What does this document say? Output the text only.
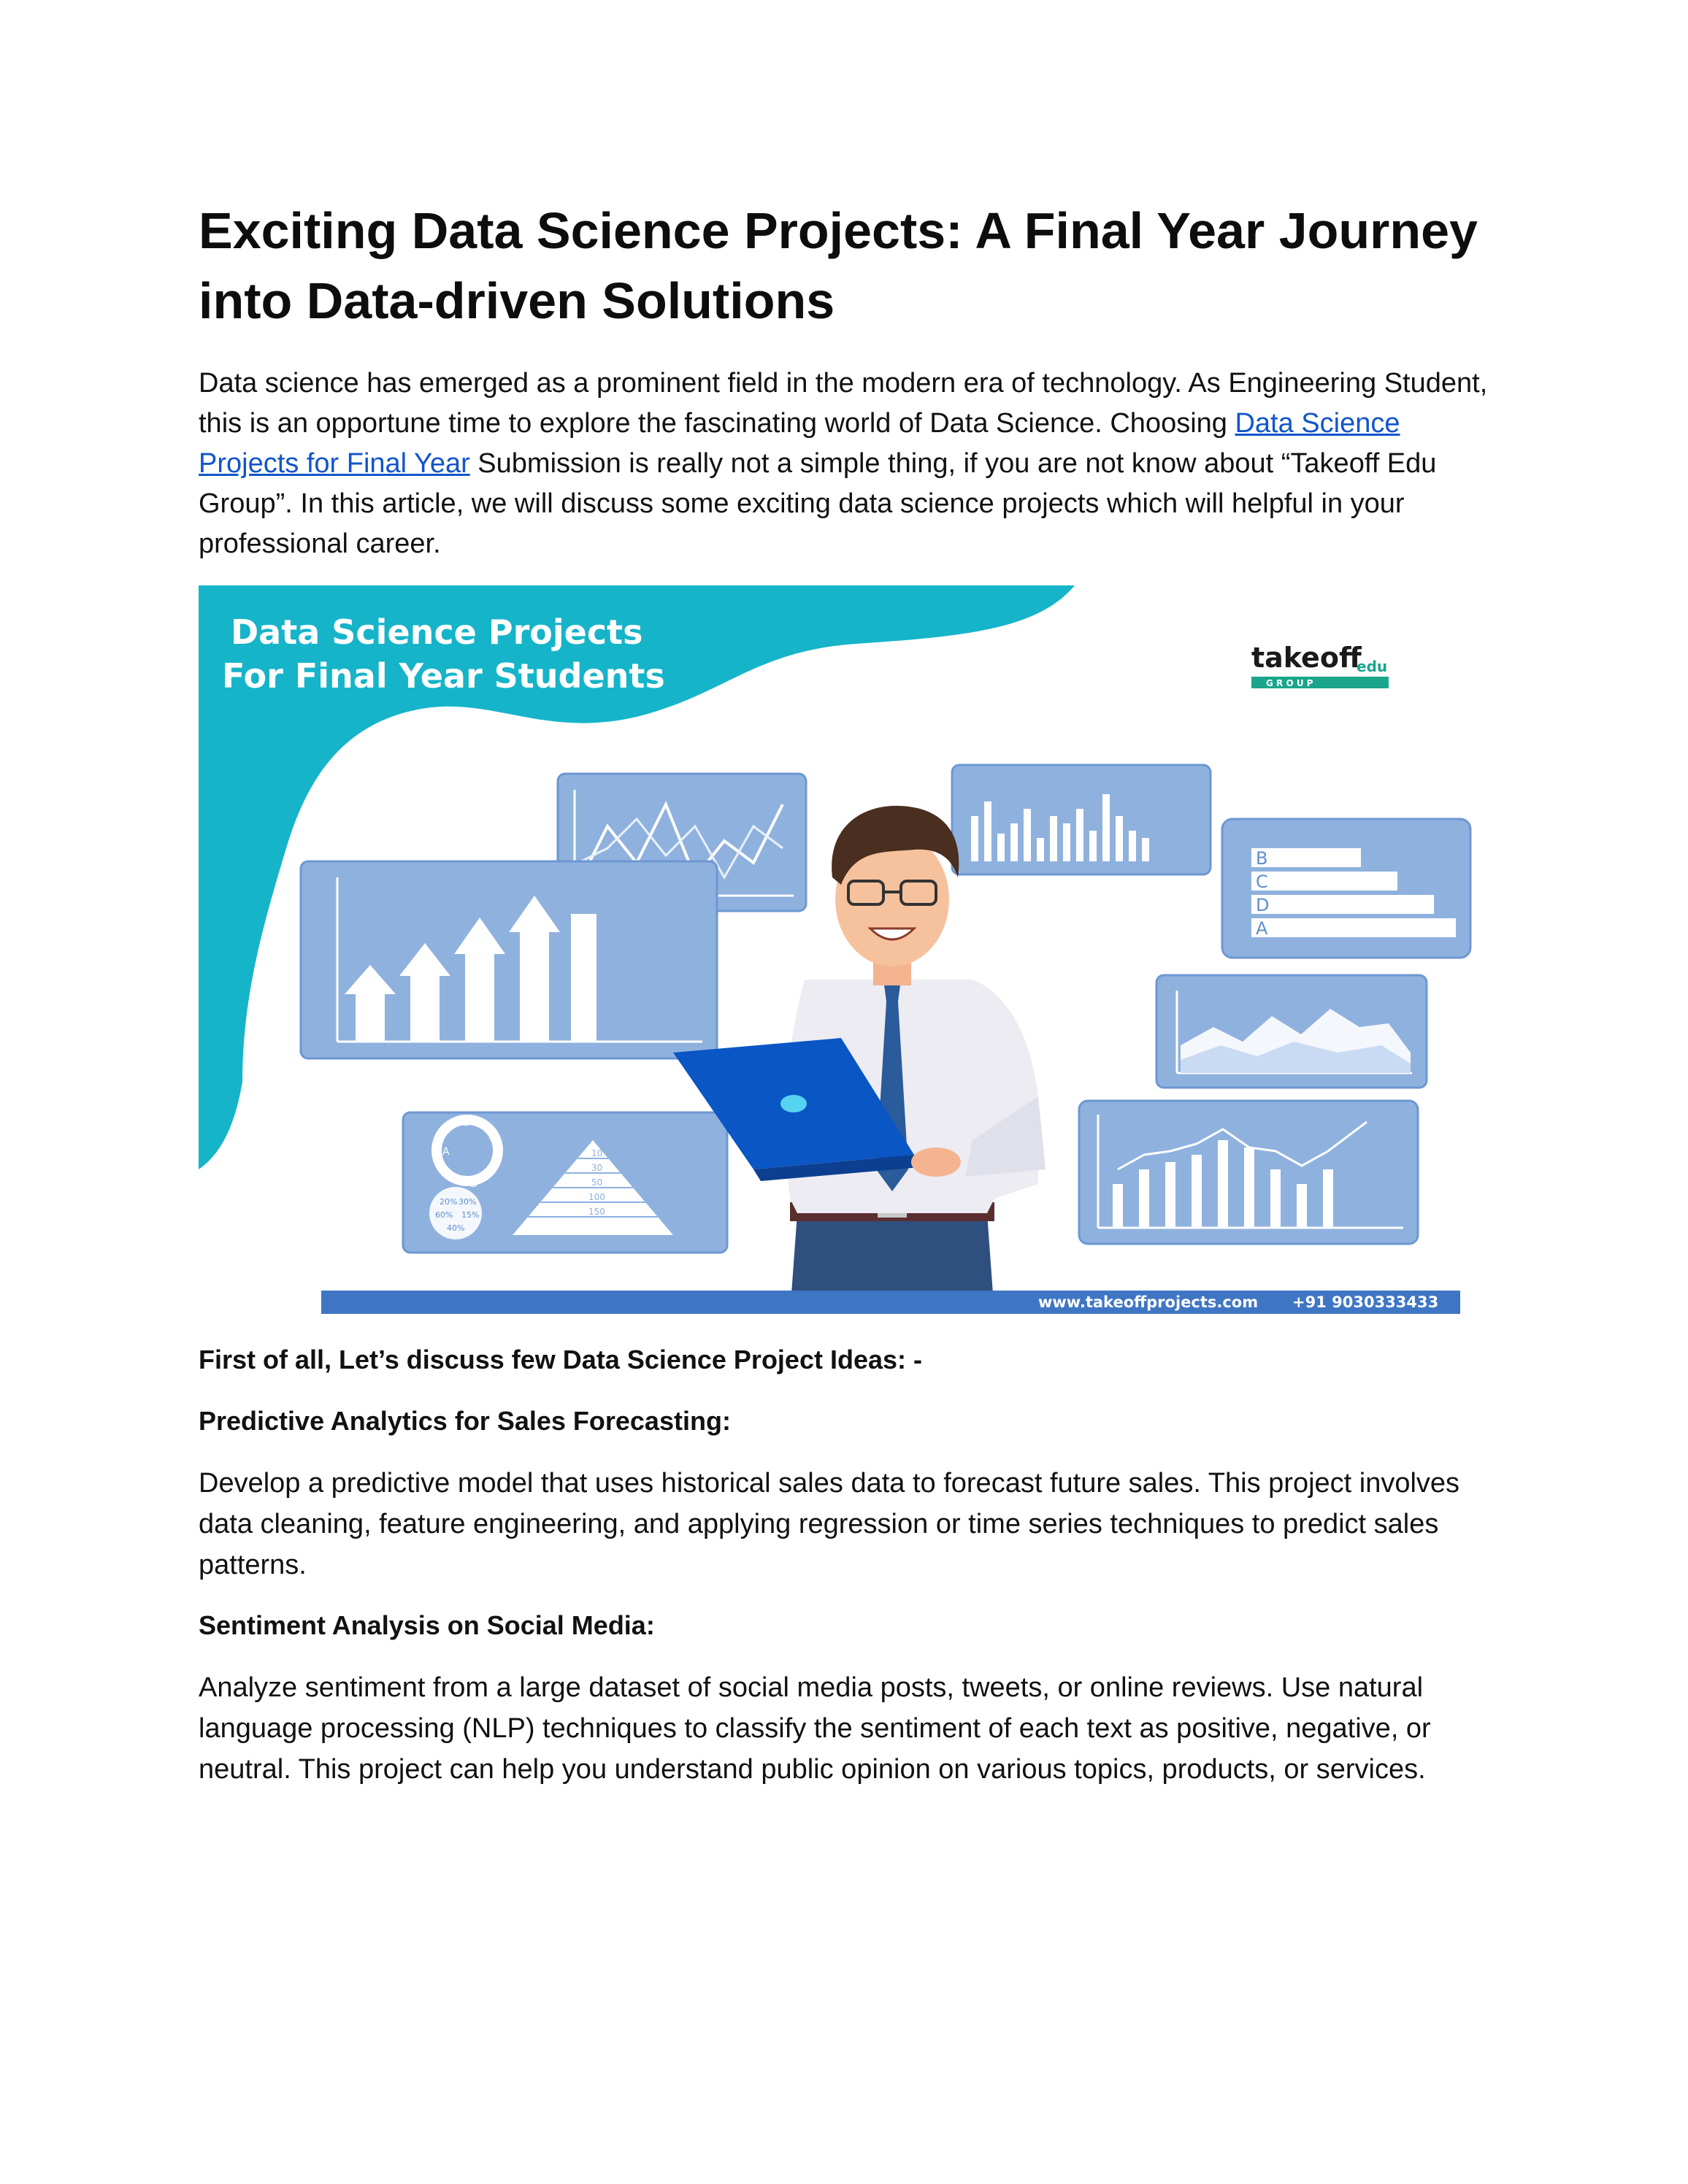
Exciting Data Science Projects: A Final Year Journey into Data-driven Solutions

Data science has emerged as a prominent field in the modern era of technology. As Engineering Student, this is an opportune time to explore the fascinating world of Data Science. Choosing Data Science Projects for Final Year Submission is really not a simple thing, if you are not know about “Takeoff Edu Group”. In this article, we will discuss some exciting data science projects which will helpful in your professional career.

Data Science Projects
For Final Year Students	takeoff
edu
G R O U P
B
C
D
A
A
B
C
D
20% 30%
60% 15%
40%
10
30
50
100
150
www.takeoffprojects.com +91 9030333433

First of all, Let’s discuss few Data Science Project Ideas: -

Predictive Analytics for Sales Forecasting:

Develop a predictive model that uses historical sales data to forecast future sales. This project involves data cleaning, feature engineering, and applying regression or time series techniques to predict sales patterns.

Sentiment Analysis on Social Media:

Analyze sentiment from a large dataset of social media posts, tweets, or online reviews. Use natural language processing (NLP) techniques to classify the sentiment of each text as positive, negative, or neutral. This project can help you understand public opinion on various topics, products, or services.
